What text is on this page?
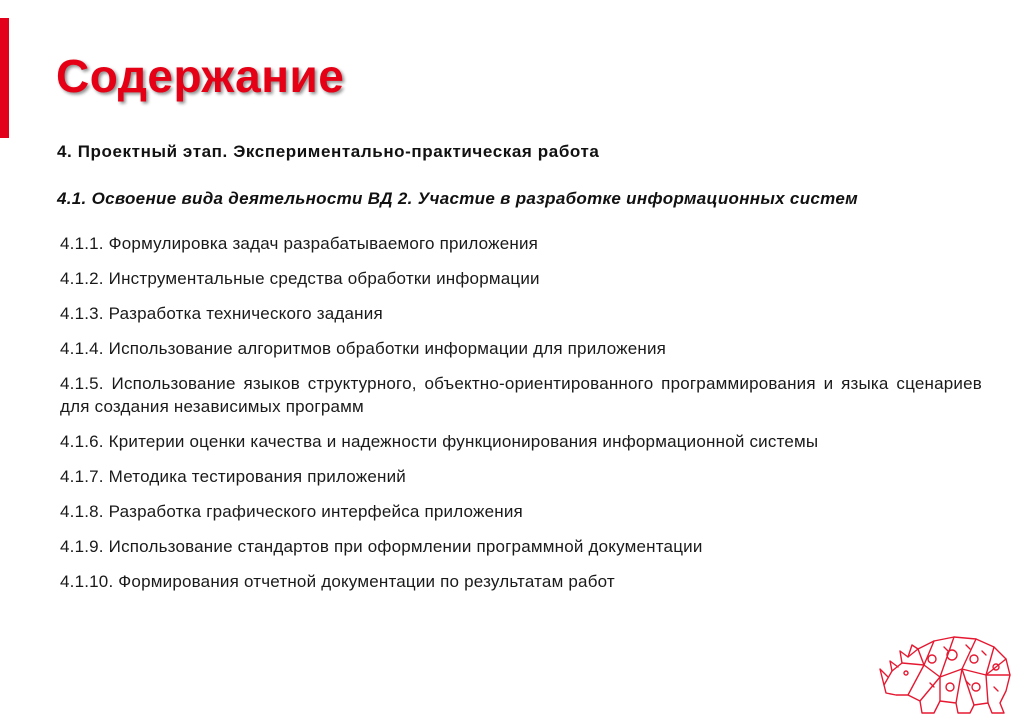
Содержание
4. Проектный этап. Экспериментально-практическая работа
4.1. Освоение вида деятельности ВД 2. Участие в разработке информационных систем
4.1.1. Формулировка задач разрабатываемого приложения
4.1.2. Инструментальные средства обработки информации
4.1.3. Разработка технического задания
4.1.4. Использование алгоритмов обработки информации для приложения
4.1.5. Использование языков структурного, объектно-ориентированного программирования и языка сценариев для создания независимых программ
4.1.6. Критерии оценки качества и надежности функционирования информационной системы
4.1.7. Методика тестирования приложений
4.1.8. Разработка графического интерфейса приложения
4.1.9. Использование стандартов при оформлении программной документации
4.1.10. Формирования отчетной документации по результатам работ
